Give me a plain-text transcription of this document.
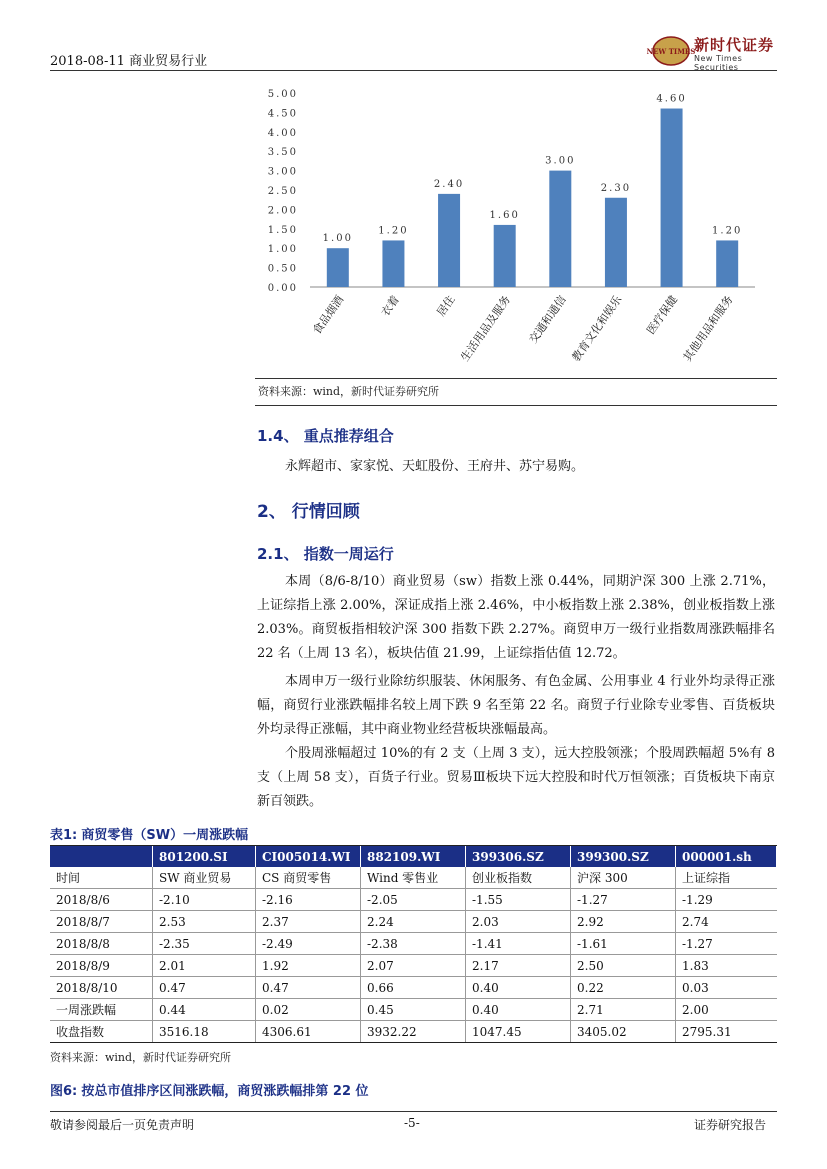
2018-08-11 商业贸易行业
NEW TIMES
新时代证券
New Times Securities
0.00
0.50
1.00
1.50
2.00
2.50
3.00
3.50
4.00
4.50
5.00
1.00
食品烟酒
1.20
衣着
2.40
居住
1.60
生活用品及服务
3.00
交通和通信
2.30
教育文化和娱乐
4.60
医疗保健
1.20
其他用品和服务
资料来源：wind，新时代证券研究所
1.4、 重点推荐组合
永辉超市、家家悦、天虹股份、王府井、苏宁易购。
2、 行情回顾
2.1、 指数一周运行
本周（8/6-8/10）商业贸易（sw）指数上涨 0.44%，同期沪深 300 上涨 2.71%，上证综指上涨 2.00%，深证成指上涨 2.46%，中小板指数上涨 2.38%，创业板指数上涨 2.03%。商贸板指相较沪深 300 指数下跌 2.27%。商贸申万一级行业指数周涨跌幅排名 22 名（上周 13 名），板块估值 21.99，上证综指估值 12.72。
本周申万一级行业除纺织服装、休闲服务、有色金属、公用事业 4 行业外均录得正涨幅，商贸行业涨跌幅排名较上周下跌 9 名至第 22 名。商贸子行业除专业零售、百货板块外均录得正涨幅，其中商业物业经营板块涨幅最高。
个股周涨幅超过 10%的有 2 支（上周 3 支），远大控股领涨；个股周跌幅超 5%有 8 支（上周 58 支），百货子行业。贸易Ⅲ板块下远大控股和时代万恒领涨；百货板块下南京新百领跌。
表1: 商贸零售（SW）一周涨跌幅
	801200.SI	CI005014.WI	882109.WI	399306.SZ	399300.SZ	000001.sh
时间	SW 商业贸易	CS 商贸零售	Wind 零售业	创业板指数	沪深 300	上证综指
2018/8/6	-2.10	-2.16	-2.05	-1.55	-1.27	-1.29
2018/8/7	2.53	2.37	2.24	2.03	2.92	2.74
2018/8/8	-2.35	-2.49	-2.38	-1.41	-1.61	-1.27
2018/8/9	2.01	1.92	2.07	2.17	2.50	1.83
2018/8/10	0.47	0.47	0.66	0.40	0.22	0.03
一周涨跌幅	0.44	0.02	0.45	0.40	2.71	2.00
收盘指数	3516.18	4306.61	3932.22	1047.45	3405.02	2795.31
资料来源：wind，新时代证券研究所
图6: 按总市值排序区间涨跌幅，商贸涨跌幅排第 22 位
敬请参阅最后一页免责声明	-5-	证券研究报告
